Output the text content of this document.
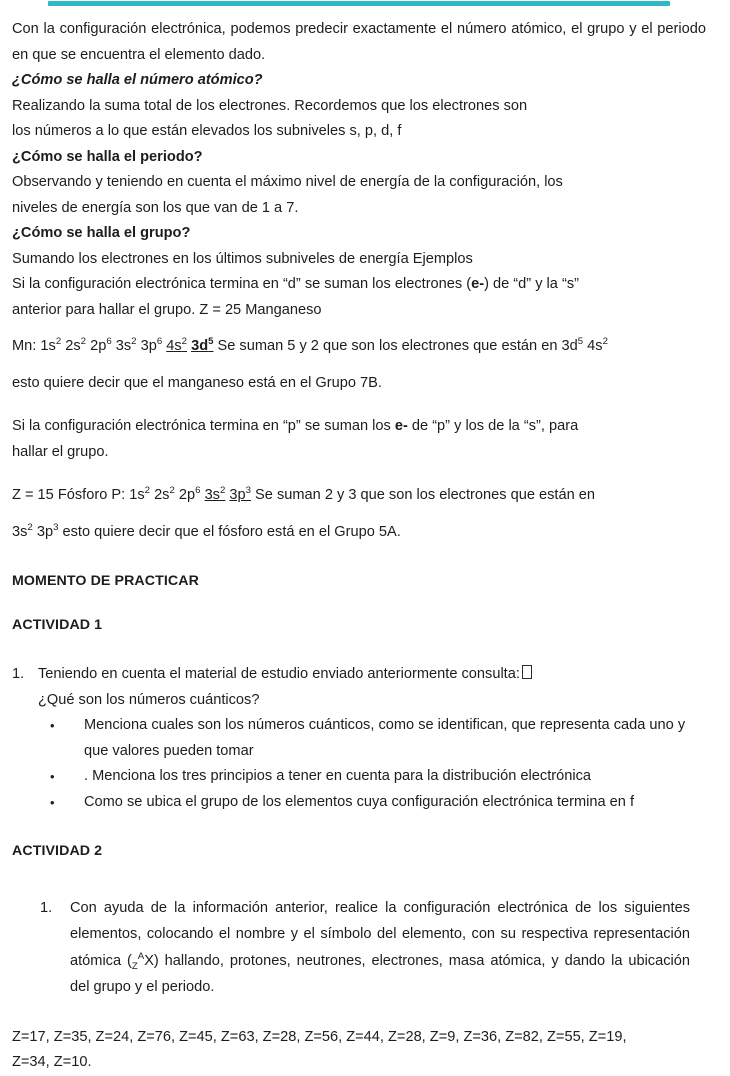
Con la configuración electrónica, podemos predecir exactamente el número atómico, el grupo y el periodo en que se encuentra el elemento dado.

¿Cómo se halla el número atómico?

Realizando la suma total de los electrones. Recordemos que los electrones son

los números a lo que están elevados los subniveles s, p, d, f

¿Cómo se halla el periodo?

Observando y teniendo en cuenta el máximo nivel de energía de la configuración, los

niveles de energía son los que van de 1 a 7.

¿Cómo se halla el grupo?

Sumando los electrones en los últimos subniveles de energía Ejemplos

Si la configuración electrónica termina en “d” se suman los electrones (e-) de “d” y la “s”

anterior para hallar el grupo. Z = 25 Manganeso

Mn: $1s^2$ $2s^2$ $2p^6$ $3s^2$ $3p^6$ $4s^2$ $3d^5$ Se suman 5 y 2 que son los electrones que están en $3d^5$ $4s^2$

esto quiere decir que el manganeso está en el Grupo 7B.

Si la configuración electrónica termina en “p” se suman los e- de “p” y los de la “s”, para

hallar el grupo.

Z = 15 Fósforo P: $1s^2$ $2s^2$ $2p^6$ $3s^2$ $3p^3$ Se suman 2 y 3 que son los electrones que están en

$3s^2$ $3p^3$ esto quiere decir que el fósforo está en el Grupo 5A.

MOMENTO DE PRACTICAR

ACTIVIDAD 1

1. Teniendo en cuenta el material de estudio enviado anteriormente consulta:
¿Qué son los números cuánticos?
• Menciona cuales son los números cuánticos, como se identifican, que representa cada uno y que valores pueden tomar
• . Menciona los tres principios a tener en cuenta para la distribución electrónica
• Como se ubica el grupo de los elementos cuya configuración electrónica termina en f

ACTIVIDAD 2

1.	Con ayuda de la información anterior, realice la configuración electrónica de los siguientes elementos, colocando el nombre y el símbolo del elemento, con su respectiva representación atómica $(_Z^AX)$ hallando, protones, neutrones, electrones, masa atómica, y dando la ubicación del grupo y el periodo.

Z=17, Z=35, Z=24, Z=76, Z=45, Z=63, Z=28, Z=56, Z=44, Z=28, Z=9, Z=36, Z=82, Z=55, Z=19,

Z=34, Z=10.
